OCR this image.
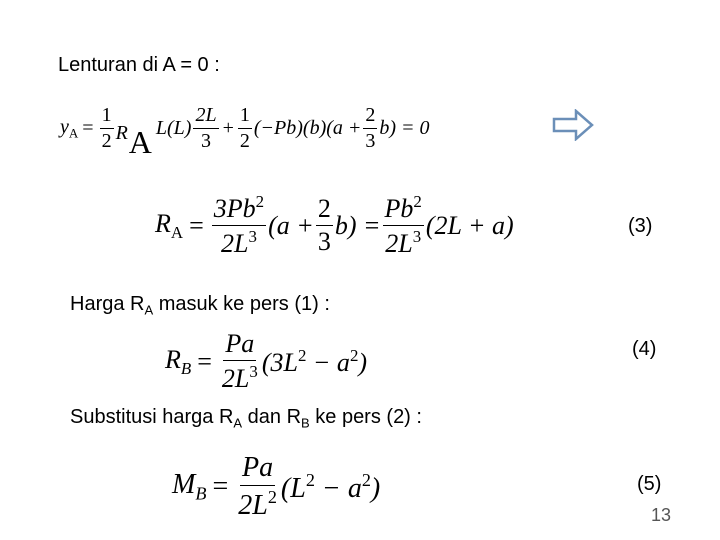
Lenturan di A = 0 :
$y_A = \frac{1}{2}$ R A $L(L) \frac{2L}{3} + \frac{1}{2} (-Pb)(b)(a + \frac{2}{3} b) = 0$
$R_A = \frac{3Pb^2}{2L^3} (a + \frac{2}{3} b) = \frac{Pb^2}{2L^3} (2L + a)$	(3)
Harga $R_A$ masuk ke pers (1) :
$R_B = \frac{Pa}{2L^3} (3L^2 - a^2)$	(4)
Substitusi harga $R_A$ dan $R_B$ ke pers (2) :
$M_B = \frac{Pa}{2L^2} (L^2 - a^2)$	(5)
13
